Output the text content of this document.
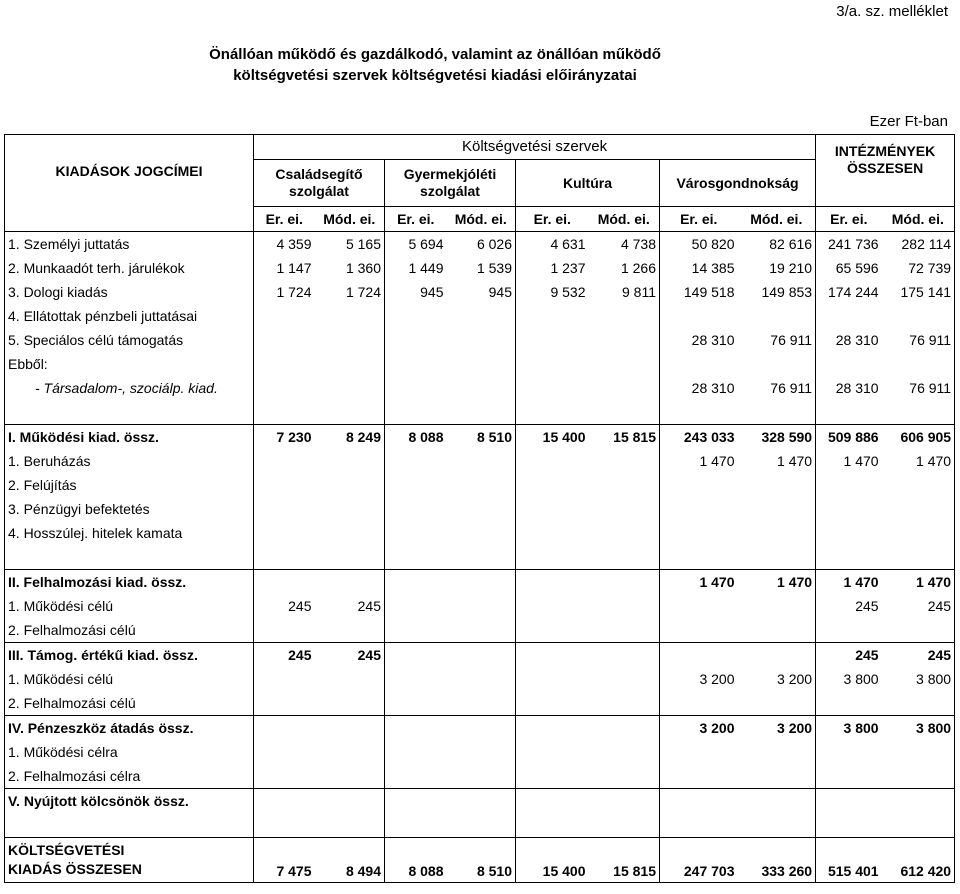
3/a. sz. melléklet
Önállóan működő és gazdálkodó, valamint az önállóan működő
költségvetési szervek költségvetési kiadási előirányzatai
Ezer Ft-ban
KIADÁSOK JOGCÍMEI	Költségvetési szervek								INTÉZMÉNYEK ÖSSZESEN	
	Családsegítő szolgálat		Gyermekjóléti szolgálat		Kultúra		Városgondnokság			
	Er. ei.	Mód. ei.	Er. ei.	Mód. ei.	Er. ei.	Mód. ei.	Er. ei.	Mód. ei.	Er. ei.	Mód. ei.
1. Személyi juttatás	4 359	5 165	5 694	6 026	4 631	4 738	50 820	82 616	241 736	282 114
2. Munkaadót terh. járulékok	1 147	1 360	1 449	1 539	1 237	1 266	14 385	19 210	65 596	72 739
3. Dologi kiadás	1 724	1 724	945	945	9 532	9 811	149 518	149 853	174 244	175 141
4. Ellátottak pénzbeli juttatásai										
5. Speciálos célú támogatás							28 310	76 911	28 310	76 911
Ebből:										
- Társadalom-, szociálp. kiad.							28 310	76 911	28 310	76 911

I. Működési kiad. össz.	7 230	8 249	8 088	8 510	15 400	15 815	243 033	328 590	509 886	606 905
1. Beruházás							1 470	1 470	1 470	1 470
2. Felújítás										
3. Pénzügyi befektetés										
4. Hosszúlej. hitelek kamata										

II. Felhalmozási kiad. össz.							1 470	1 470	1 470	1 470
1. Működési célú	245	245							245	245
2. Felhalmozási célú										
III. Támog. értékű kiad. össz.	245	245							245	245
1. Működési célú							3 200	3 200	3 800	3 800
2. Felhalmozási célú										
IV. Pénzeszköz átadás össz.							3 200	3 200	3 800	3 800
1. Működési célra										
2. Felhalmozási célra										
V. Nyújtott kölcsönök össz.										

KÖLTSÉGVETÉSI
KIADÁS ÖSSZESEN	7 475	8 494	8 088	8 510	15 400	15 815	247 703	333 260	515 401	612 420
